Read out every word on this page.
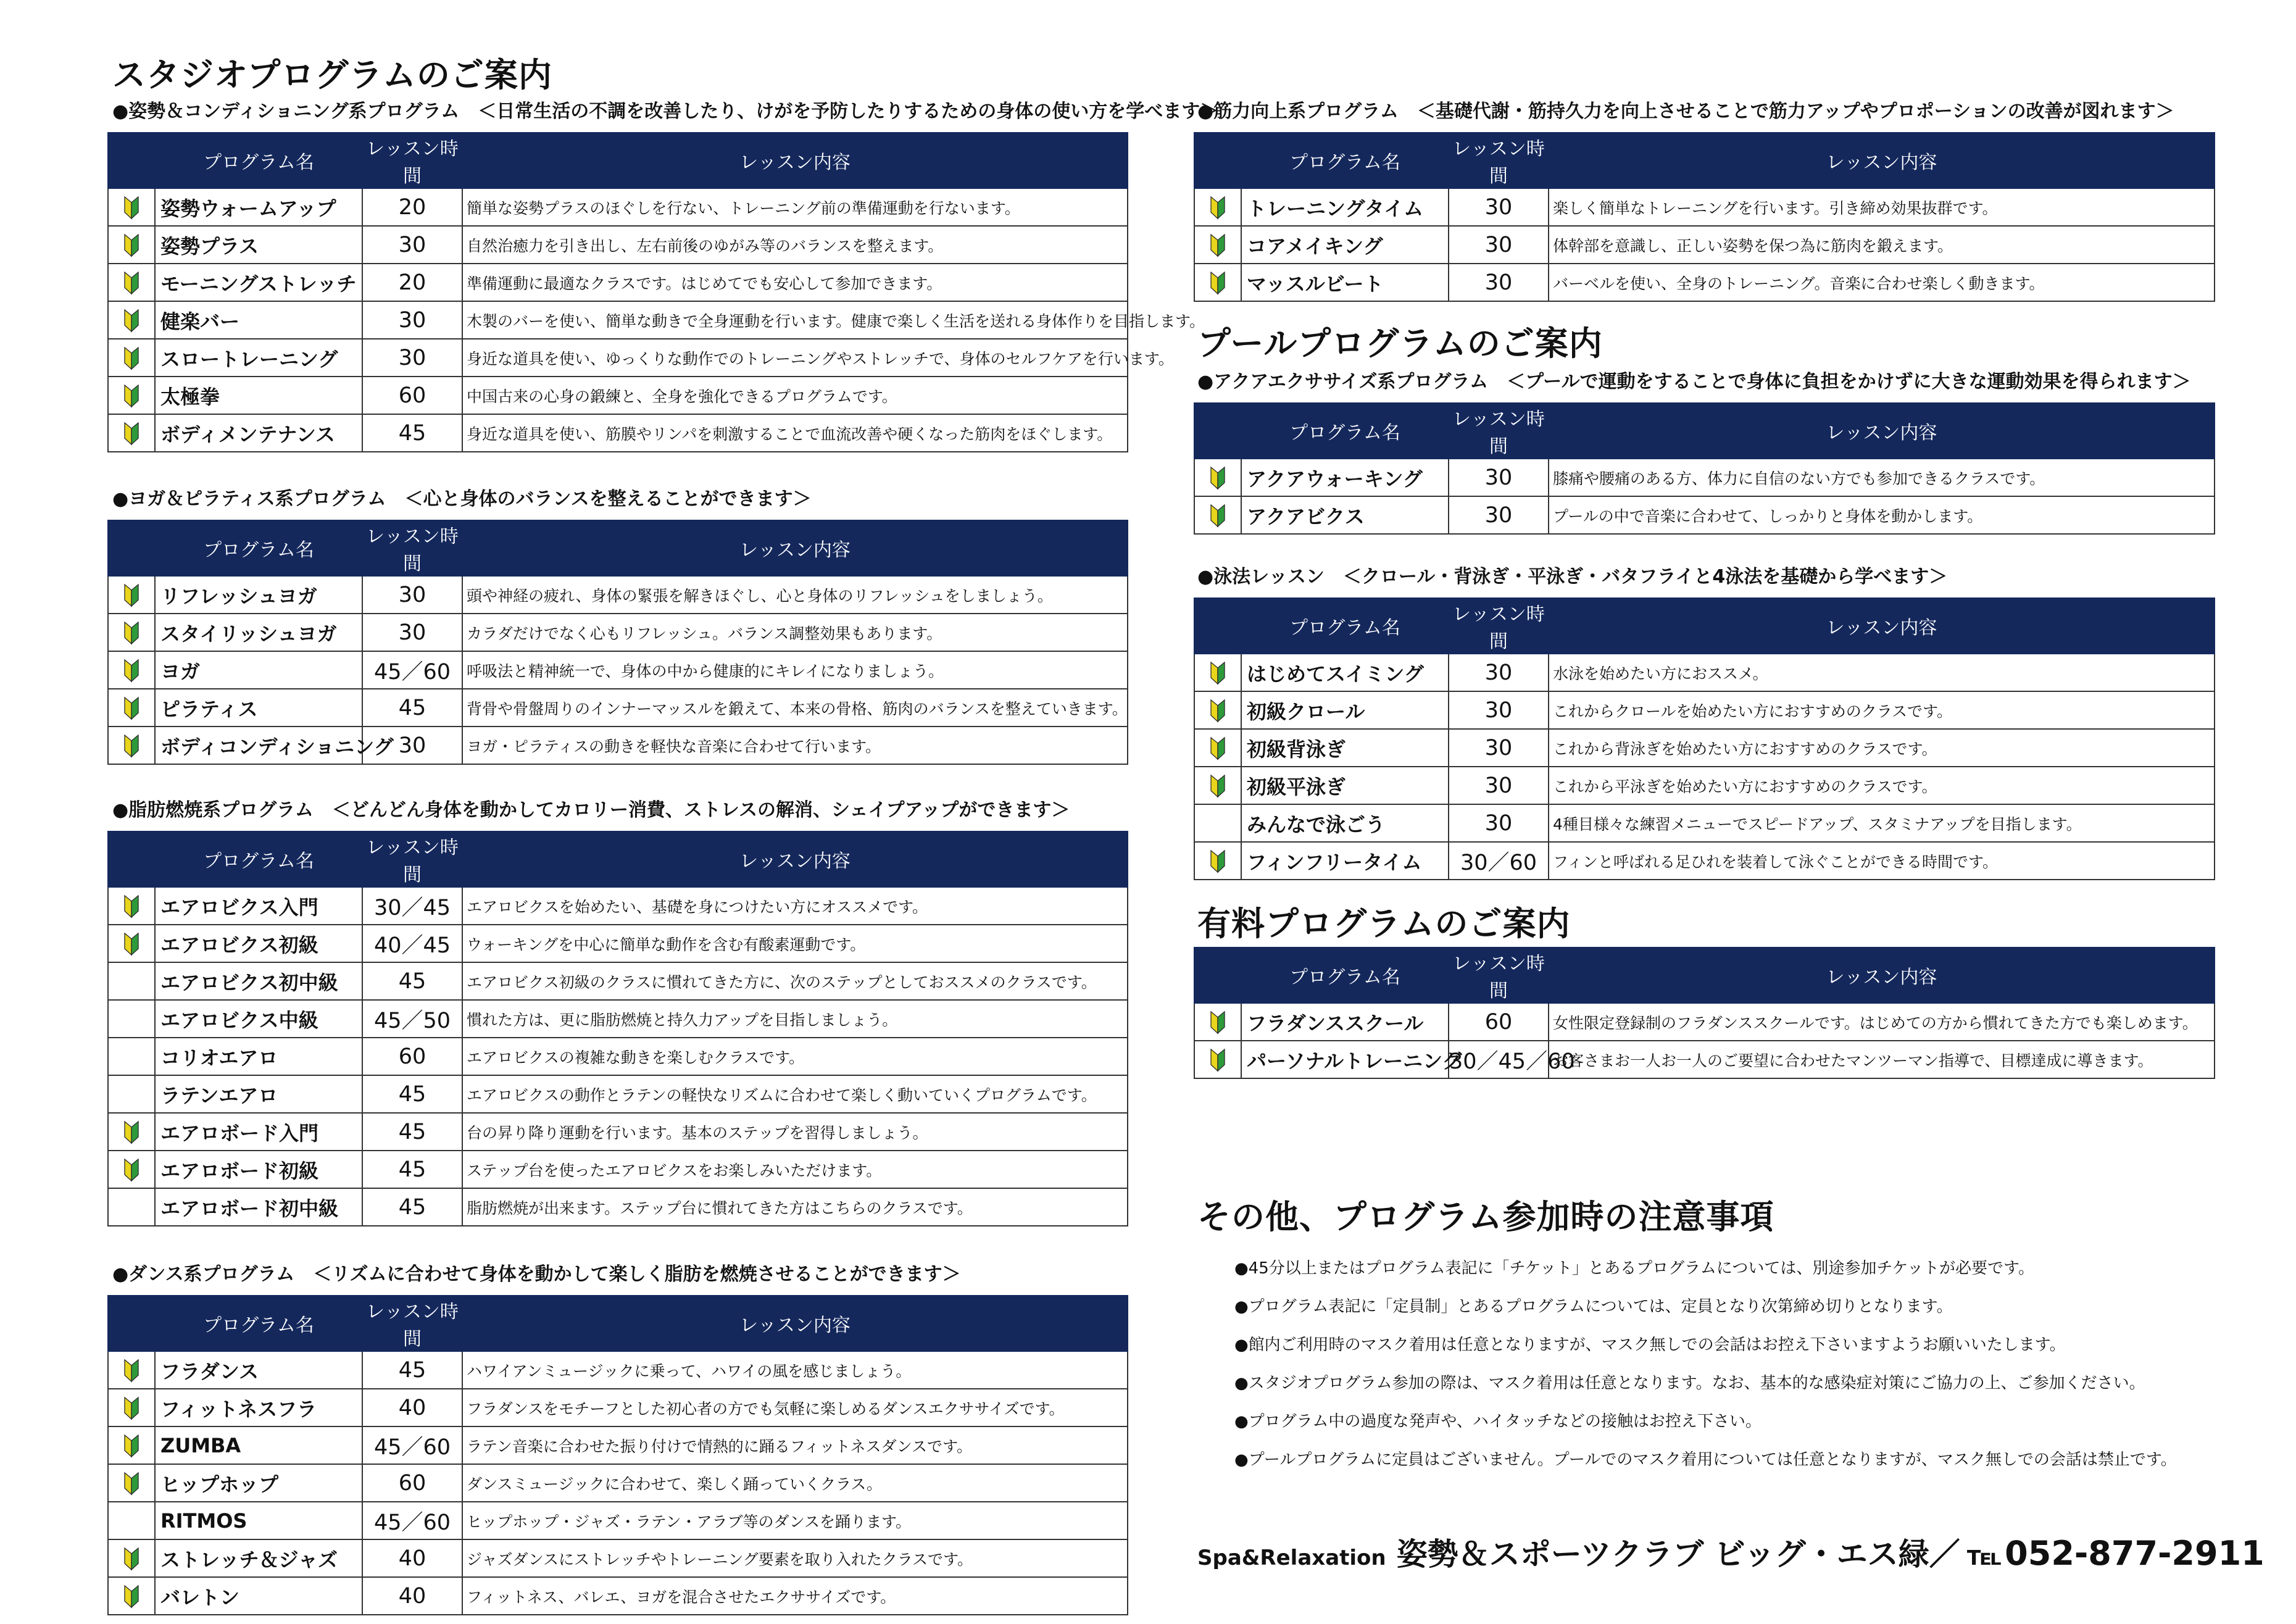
スタジオプログラムのご案内
プールプログラムのご案内
有料プログラムのご案内
その他、プログラム参加時の注意事項

●姿勢＆コンディショニング系プログラム　＜日常生活の不調を改善したり、けがを予防したりするための身体の使い方を学べます＞

	プログラム名	レッスン時間	レッスン内容
	姿勢ウォームアップ	20	簡単な姿勢プラスのほぐしを行ない、トレーニング前の準備運動を行ないます。
	姿勢プラス	30	自然治癒力を引き出し、左右前後のゆがみ等のバランスを整えます。
	モーニングストレッチ	20	準備運動に最適なクラスです。はじめてでも安心して参加できます。
	健楽バー	30	木製のバーを使い、簡単な動きで全身運動を行います。健康で楽しく生活を送れる身体作りを目指します。
	スロートレーニング	30	身近な道具を使い、ゆっくりな動作でのトレーニングやストレッチで、身体のセルフケアを行います。
	太極拳	60	中国古来の心身の鍛練と、全身を強化できるプログラムです。
	ボディメンテナンス	45	身近な道具を使い、筋膜やリンパを刺激することで血流改善や硬くなった筋肉をほぐします。

●ヨガ＆ピラティス系プログラム　＜心と身体のバランスを整えることができます＞

	プログラム名	レッスン時間	レッスン内容
	リフレッシュヨガ	30	頭や神経の疲れ、身体の緊張を解きほぐし、心と身体のリフレッシュをしましょう。
	スタイリッシュヨガ	30	カラダだけでなく心もリフレッシュ。バランス調整効果もあります。
	ヨガ	45／60	呼吸法と精神統一で、身体の中から健康的にキレイになりましょう。
	ピラティス	45	背骨や骨盤周りのインナーマッスルを鍛えて、本来の骨格、筋肉のバランスを整えていきます。
	ボディコンディショニング	30	ヨガ・ピラティスの動きを軽快な音楽に合わせて行います。

●脂肪燃焼系プログラム　＜どんどん身体を動かしてカロリー消費、ストレスの解消、シェイプアップができます＞

	プログラム名	レッスン時間	レッスン内容
	エアロビクス入門	30／45	エアロビクスを始めたい、基礎を身につけたい方にオススメです。
	エアロビクス初級	40／45	ウォーキングを中心に簡単な動作を含む有酸素運動です。
	エアロビクス初中級	45	エアロビクス初級のクラスに慣れてきた方に、次のステップとしておススメのクラスです。
	エアロビクス中級	45／50	慣れた方は、更に脂肪燃焼と持久力アップを目指しましょう。
	コリオエアロ	60	エアロビクスの複雑な動きを楽しむクラスです。
	ラテンエアロ	45	エアロビクスの動作とラテンの軽快なリズムに合わせて楽しく動いていくプログラムです。
	エアロボード入門	45	台の昇り降り運動を行います。基本のステップを習得しましょう。
	エアロボード初級	45	ステップ台を使ったエアロビクスをお楽しみいただけます。
	エアロボード初中級	45	脂肪燃焼が出来ます。ステップ台に慣れてきた方はこちらのクラスです。

●ダンス系プログラム　＜リズムに合わせて身体を動かして楽しく脂肪を燃焼させることができます＞

	プログラム名	レッスン時間	レッスン内容
	フラダンス	45	ハワイアンミュージックに乗って、ハワイの風を感じましょう。
	フィットネスフラ	40	フラダンスをモチーフとした初心者の方でも気軽に楽しめるダンスエクササイズです。
	ZUMBA	45／60	ラテン音楽に合わせた振り付けで情熱的に踊るフィットネスダンスです。
	ヒップホップ	60	ダンスミュージックに合わせて、楽しく踊っていくクラス。
	RITMOS	45／60	ヒップホップ・ジャズ・ラテン・アラブ等のダンスを踊ります。
	ストレッチ＆ジャズ	40	ジャズダンスにストレッチやトレーニング要素を取り入れたクラスです。
	バレトン	40	フィットネス、バレエ、ヨガを混合させたエクササイズです。

●筋力向上系プログラム　＜基礎代謝・筋持久力を向上させることで筋力アップやプロポーションの改善が図れます＞

	プログラム名	レッスン時間	レッスン内容
	トレーニングタイム	30	楽しく簡単なトレーニングを行います。引き締め効果抜群です。
	コアメイキング	30	体幹部を意識し、正しい姿勢を保つ為に筋肉を鍛えます。
	マッスルビート	30	バーベルを使い、全身のトレーニング。音楽に合わせ楽しく動きます。

●アクアエクササイズ系プログラム　＜プールで運動をすることで身体に負担をかけずに大きな運動効果を得られます＞

	プログラム名	レッスン時間	レッスン内容
	アクアウォーキング	30	膝痛や腰痛のある方、体力に自信のない方でも参加できるクラスです。
	アクアビクス	30	プールの中で音楽に合わせて、しっかりと身体を動かします。

●泳法レッスン　＜クロール・背泳ぎ・平泳ぎ・バタフライと4泳法を基礎から学べます＞

	プログラム名	レッスン時間	レッスン内容
	はじめてスイミング	30	水泳を始めたい方におススメ。
	初級クロール	30	これからクロールを始めたい方におすすめのクラスです。
	初級背泳ぎ	30	これから背泳ぎを始めたい方におすすめのクラスです。
	初級平泳ぎ	30	これから平泳ぎを始めたい方におすすめのクラスです。
	みんなで泳ごう	30	4種目様々な練習メニューでスピードアップ、スタミナアップを目指します。
	フィンフリータイム	30／60	フィンと呼ばれる足ひれを装着して泳ぐことができる時間です。
	プログラム名	レッスン時間	レッスン内容
	フラダンススクール	60	女性限定登録制のフラダンススクールです。はじめての方から慣れてきた方でも楽しめます。
	パーソナルトレーニング	30／45／60	お客さまお一人お一人のご要望に合わせたマンツーマン指導で、目標達成に導きます。
●45分以上またはプログラム表記に「チケット」とあるプログラムについては、別途参加チケットが必要です。
●プログラム表記に「定員制」とあるプログラムについては、定員となり次第締め切りとなります。
●館内ご利用時のマスク着用は任意となりますが、マスク無しでの会話はお控え下さいますようお願いいたします。
●スタジオプログラム参加の際は、マスク着用は任意となります。なお、基本的な感染症対策にご協力の上、ご参加ください。
●プログラム中の過度な発声や、ハイタッチなどの接触はお控え下さい。
●プールプログラムに定員はございません。プールでのマスク着用については任意となりますが、マスク無しでの会話は禁止です。
Spa&Relaxation 姿勢＆スポーツクラブ ビッグ・エス緑／ ℡ 052-877-2911
